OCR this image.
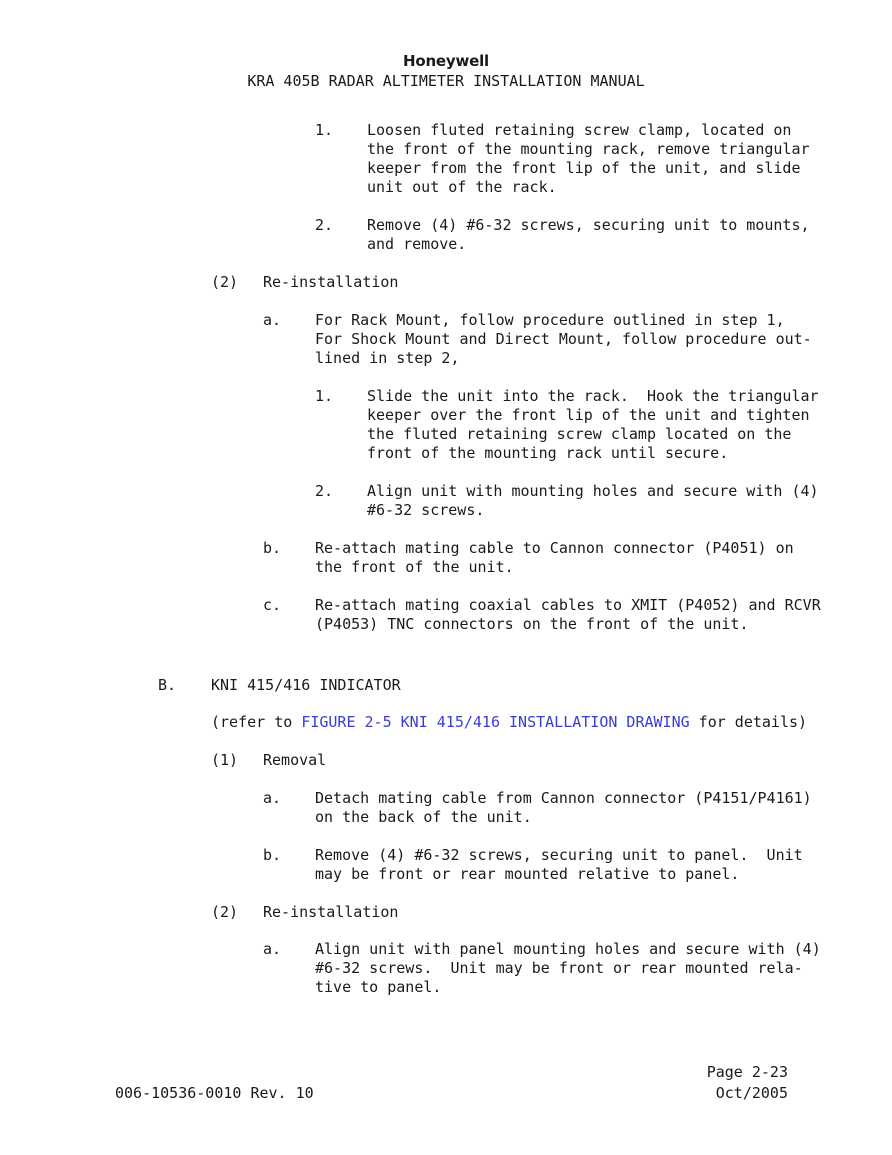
Honeywell
KRA 405B RADAR ALTIMETER INSTALLATION MANUAL
1. Loosen fluted retaining screw clamp, located on
the front of the mounting rack, remove triangular
keeper from the front lip of the unit, and slide
unit out of the rack.
2. Remove (4) #6-32 screws, securing unit to mounts,
and remove.
(2) Re-installation
a. For Rack Mount, follow procedure outlined in step 1,
For Shock Mount and Direct Mount, follow procedure out-
lined in step 2,
1. Slide the unit into the rack.  Hook the triangular
keeper over the front lip of the unit and tighten
the fluted retaining screw clamp located on the
front of the mounting rack until secure.
2. Align unit with mounting holes and secure with (4)
#6-32 screws.
b. Re-attach mating cable to Cannon connector (P4051) on
the front of the unit.
c. Re-attach mating coaxial cables to XMIT (P4052) and RCVR
(P4053) TNC connectors on the front of the unit.
B. KNI 415/416 INDICATOR
(refer to FIGURE 2-5 KNI 415/416 INSTALLATION DRAWING for details)
(1) Removal
a. Detach mating cable from Cannon connector (P4151/P4161)
on the back of the unit.
b. Remove (4) #6-32 screws, securing unit to panel.  Unit
may be front or rear mounted relative to panel.
(2) Re-installation
a. Align unit with panel mounting holes and secure with (4)
#6-32 screws.  Unit may be front or rear mounted rela-
tive to panel.
Page 2-23
006-10536-0010 Rev. 10	Oct/2005
